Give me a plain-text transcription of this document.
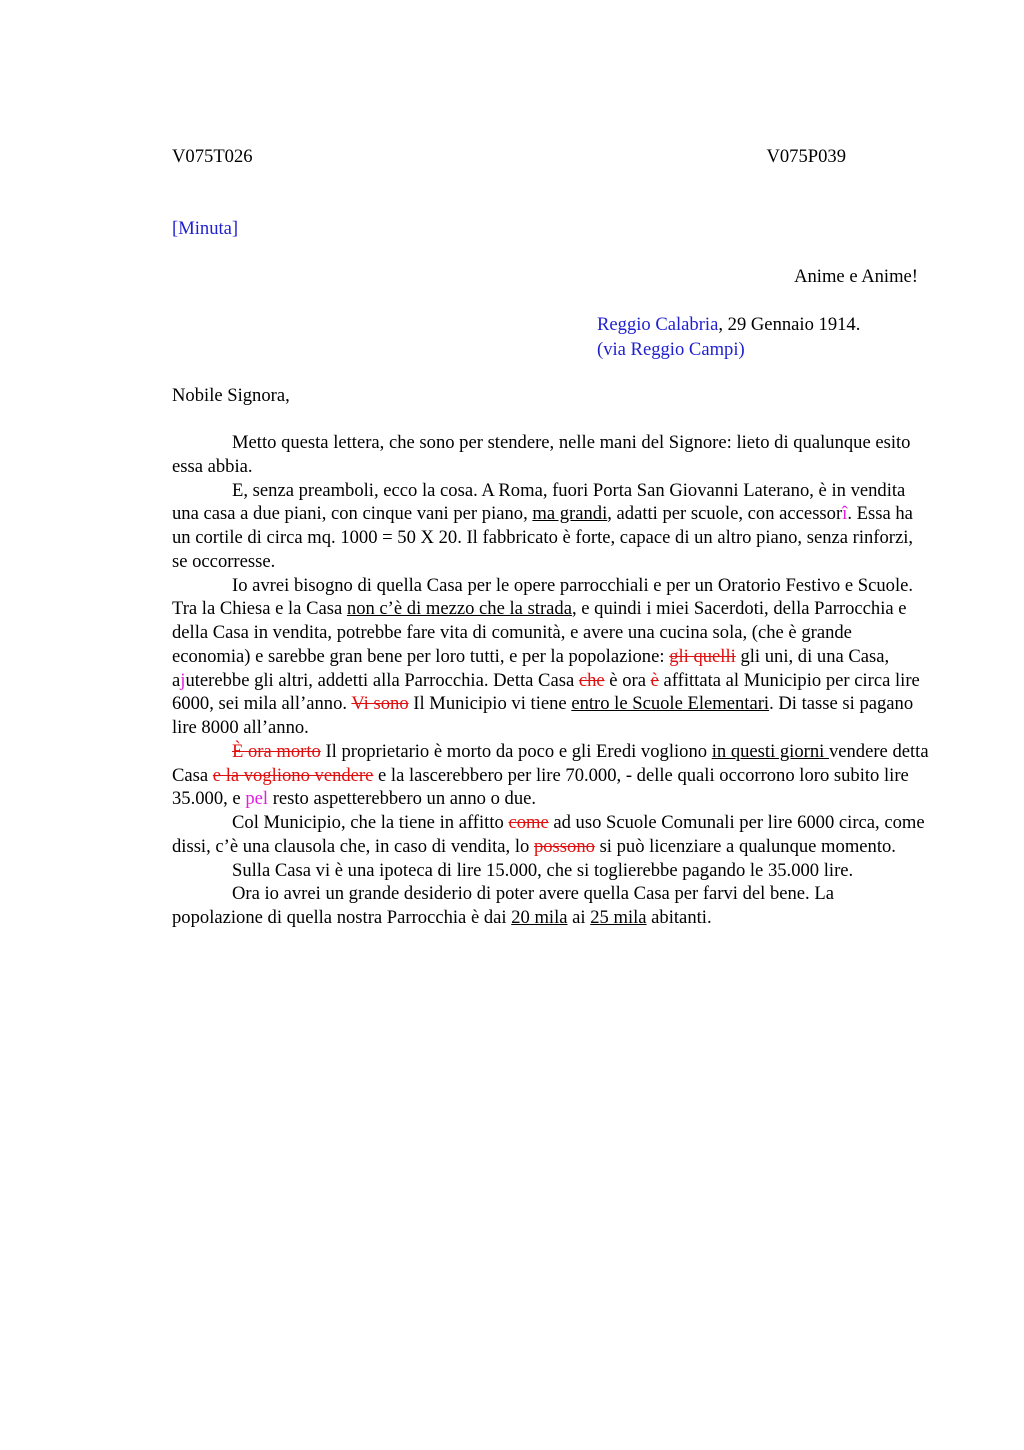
V075T026	V075P039
[Minuta]
Anime e Anime!
Reggio Calabria, 29 Gennaio 1914.
(via Reggio Campi)
Nobile Signora,

Metto questa lettera, che sono per stendere, nelle mani del Signore: lieto di qualunque esito essa abbia.

E, senza preamboli, ecco la cosa. A Roma, fuori Porta San Giovanni Laterano, è in vendita una casa a due piani, con cinque vani per piano, ma grandi, adatti per scuole, con accessorî. Essa ha un cortile di circa mq. 1000 = 50 X 20. Il fabbricato è forte, capace di un altro piano, senza rinforzi, se occorresse.

Io avrei bisogno di quella Casa per le opere parrocchiali e per un Oratorio Festivo e Scuole. Tra la Chiesa e la Casa non c’è di mezzo che la strada, e quindi i miei Sacerdoti, della Parrocchia e della Casa in vendita, potrebbe fare vita di comunità, e avere una cucina sola, (che è grande economia) e sarebbe gran bene per loro tutti, e per la popolazione: gli quelli gli uni, di una Casa, ajuterebbe gli altri, addetti alla Parrocchia. Detta Casa che è ora è affittata al Municipio per circa lire 6000, sei mila all’anno. Vi sono Il Municipio vi tiene entro le Scuole Elementari. Di tasse si pagano lire 8000 all’anno.

È ora morto Il proprietario è morto da poco e gli Eredi vogliono in questi giorni vendere detta Casa e la vogliono vendere e la lascerebbero per lire 70.000, - delle quali occorrono loro subito lire 35.000, e pel resto aspetterebbero un anno o due.

Col Municipio, che la tiene in affitto come ad uso Scuole Comunali per lire 6000 circa, come dissi, c’è una clausola che, in caso di vendita, lo possono si può licenziare a qualunque momento.

Sulla Casa vi è una ipoteca di lire 15.000, che si toglierebbe pagando le 35.000 lire.

Ora io avrei un grande desiderio di poter avere quella Casa per farvi del bene. La popolazione di quella nostra Parrocchia è dai 20 mila ai 25 mila abitanti.
